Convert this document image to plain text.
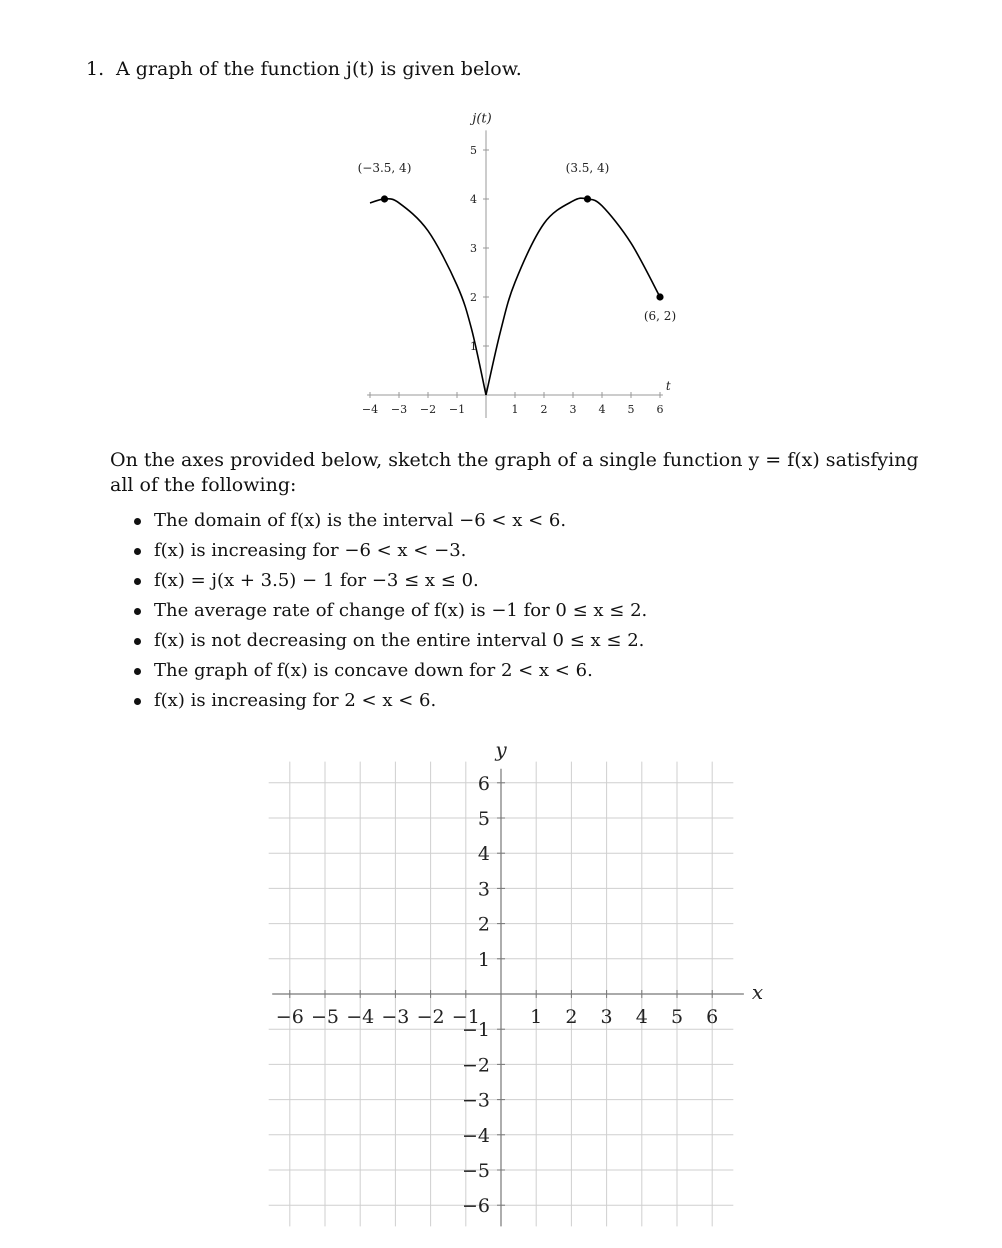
1. A graph of the function j(t) is given below.
−4 −3 −2 −1	1 2 3 4 5 6
1
2
3
4
5
j(t)
t
(−3.5, 4)	(3.5, 4)
(6, 2)
On the axes provided below, sketch the graph of a single function y = f(x) satisfying all of the following:
The domain of f(x) is the interval −6 < x < 6.
f(x) is increasing for −6 < x < −3.
f(x) = j(x + 3.5) − 1 for −3 ≤ x ≤ 0.
The average rate of change of f(x) is −1 for 0 ≤ x ≤ 2.
f(x) is not decreasing on the entire interval 0 ≤ x ≤ 2.
The graph of f(x) is concave down for 2 < x < 6.
f(x) is increasing for 2 < x < 6.
−6 −5 −4 −3 −2 −1	1 2 3 4 5 6
−6
−5
−4
−3
−2
−1
1
2
3
4
5
6
y
x
